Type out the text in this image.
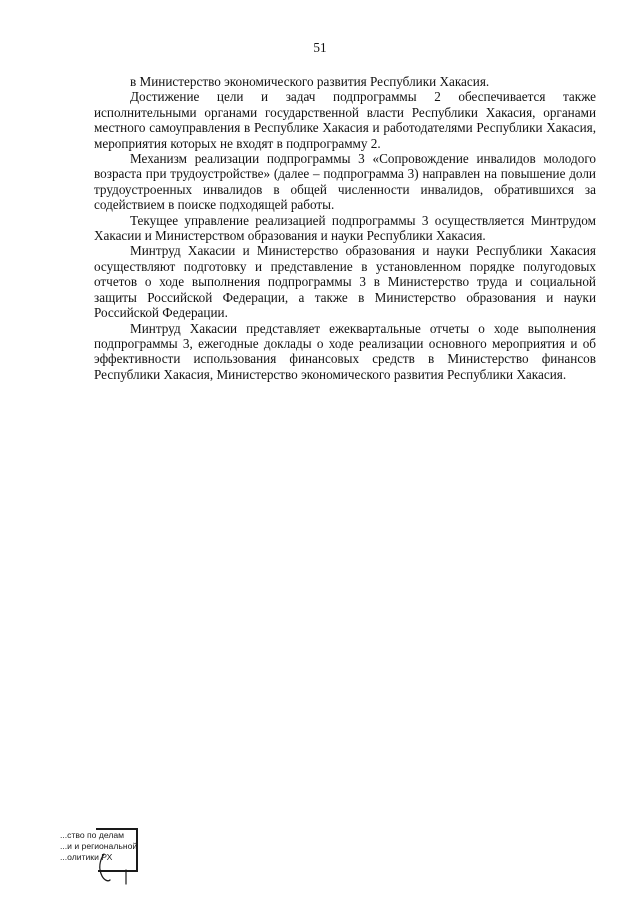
51

в Министерство экономического развития Республики Хакасия.

Достижение цели и задач подпрограммы 2 обеспечивается также исполнительными органами государственной власти Республики Хакасия, органами местного самоуправления в Республике Хакасия и работодателями Республики Хакасия, мероприятия которых не входят в подпрограмму 2.

Механизм реализации подпрограммы 3 «Сопровождение инвалидов молодого возраста при трудоустройстве» (далее – подпрограмма 3) направлен на повышение доли трудоустроенных инвалидов в общей численности инвалидов, обратившихся за содействием в поиске подходящей работы.

Текущее управление реализацией подпрограммы 3 осуществляется Минтрудом Хакасии и Министерством образования и науки Республики Хакасия.

Минтруд Хакасии и Министерство образования и науки Республики Хакасия осуществляют подготовку и представление в установленном порядке полугодовых отчетов о ходе выполнения подпрограммы 3 в Министерство труда и социальной защиты Российской Федерации, а также в Министерство образования и науки Российской Федерации.

Минтруд Хакасии представляет ежеквартальные отчеты о ходе выполнения подпрограммы 3, ежегодные доклады о ходе реализации основного мероприятия и об эффективности использования финансовых средств в Министерство финансов Республики Хакасия, Министерство экономического развития Республики Хакасия.

...ство по делам
...и и региональной
...олитики РХ
